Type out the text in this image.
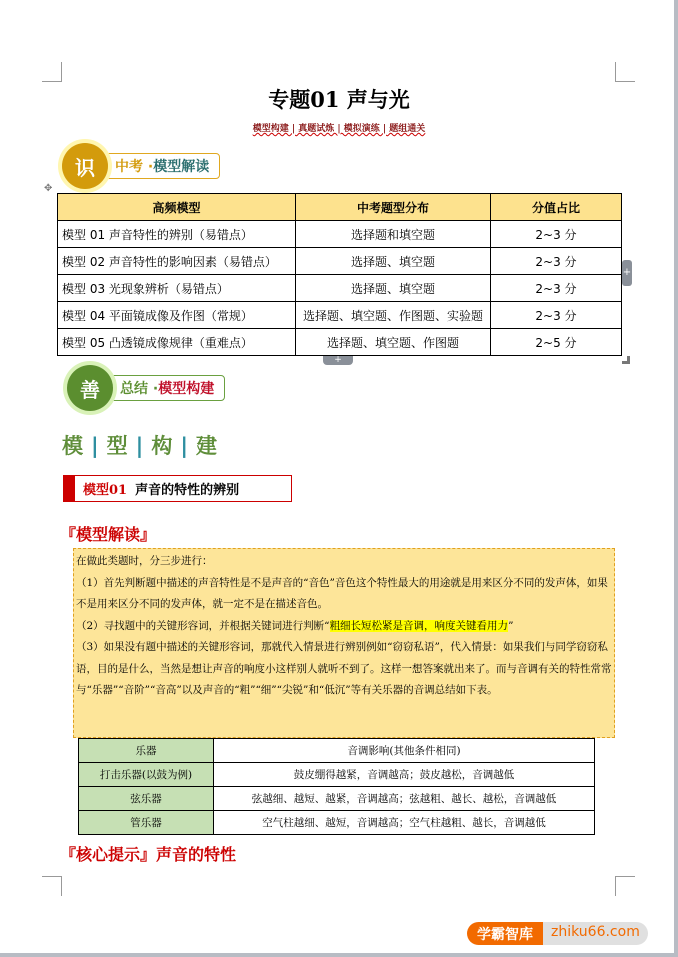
专题01 声与光
模型构建 | 真题试炼 | 模拟演练 | 题组通关
识	中考 · 模型解读
✥
高频模型	中考题型分布	分值占比
模型 01 声音特性的辨别（易错点）	选择题和填空题	2~3 分
模型 02 声音特性的影响因素（易错点）	选择题、填空题	2~3 分
模型 03 光现象辨析（易错点）	选择题、填空题	2~3 分
模型 04 平面镜成像及作图（常规）	选择题、填空题、作图题、实验题	2~3 分
模型 05 凸透镜成像规律（重难点）	选择题、填空题、作图题	2~5 分
+
+
善	总结 · 模型构建
模 | 型 | 构 | 建
模型01 声音的特性的辨别
『模型解读』
在做此类题时，分三步进行：
（1）首先判断题中描述的声音特性是不是声音的“音色”音色这个特性最大的用途就是用来区分不同的发声体，如果不是用来区分不同的发声体，就一定不是在描述音色。
（2）寻找题中的关键形容词，并根据关键词进行判断“粗细长短松紧是音调，响度关键看用力”
（3）如果没有题中描述的关键形容词，那就代入情景进行辨别例如“窃窃私语”，代入情景：如果我们与同学窃窃私语，目的是什么，当然是想让声音的响度小这样别人就听不到了。这样一想答案就出来了。而与音调有关的特性常常与“乐器”“音阶”“音高”以及声音的“粗”“细”“尖锐”和“低沉”等有关乐器的音调总结如下表。
乐器	音调影响(其他条件相同)
打击乐器(以鼓为例)	鼓皮绷得越紧，音调越高；鼓皮越松，音调越低
弦乐器	弦越细、越短、越紧，音调越高；弦越粗、越长、越松，音调越低
管乐器	空气柱越细、越短，音调越高；空气柱越粗、越长，音调越低
『核心提示』声音的特性
学霸智库	zhiku66.com
